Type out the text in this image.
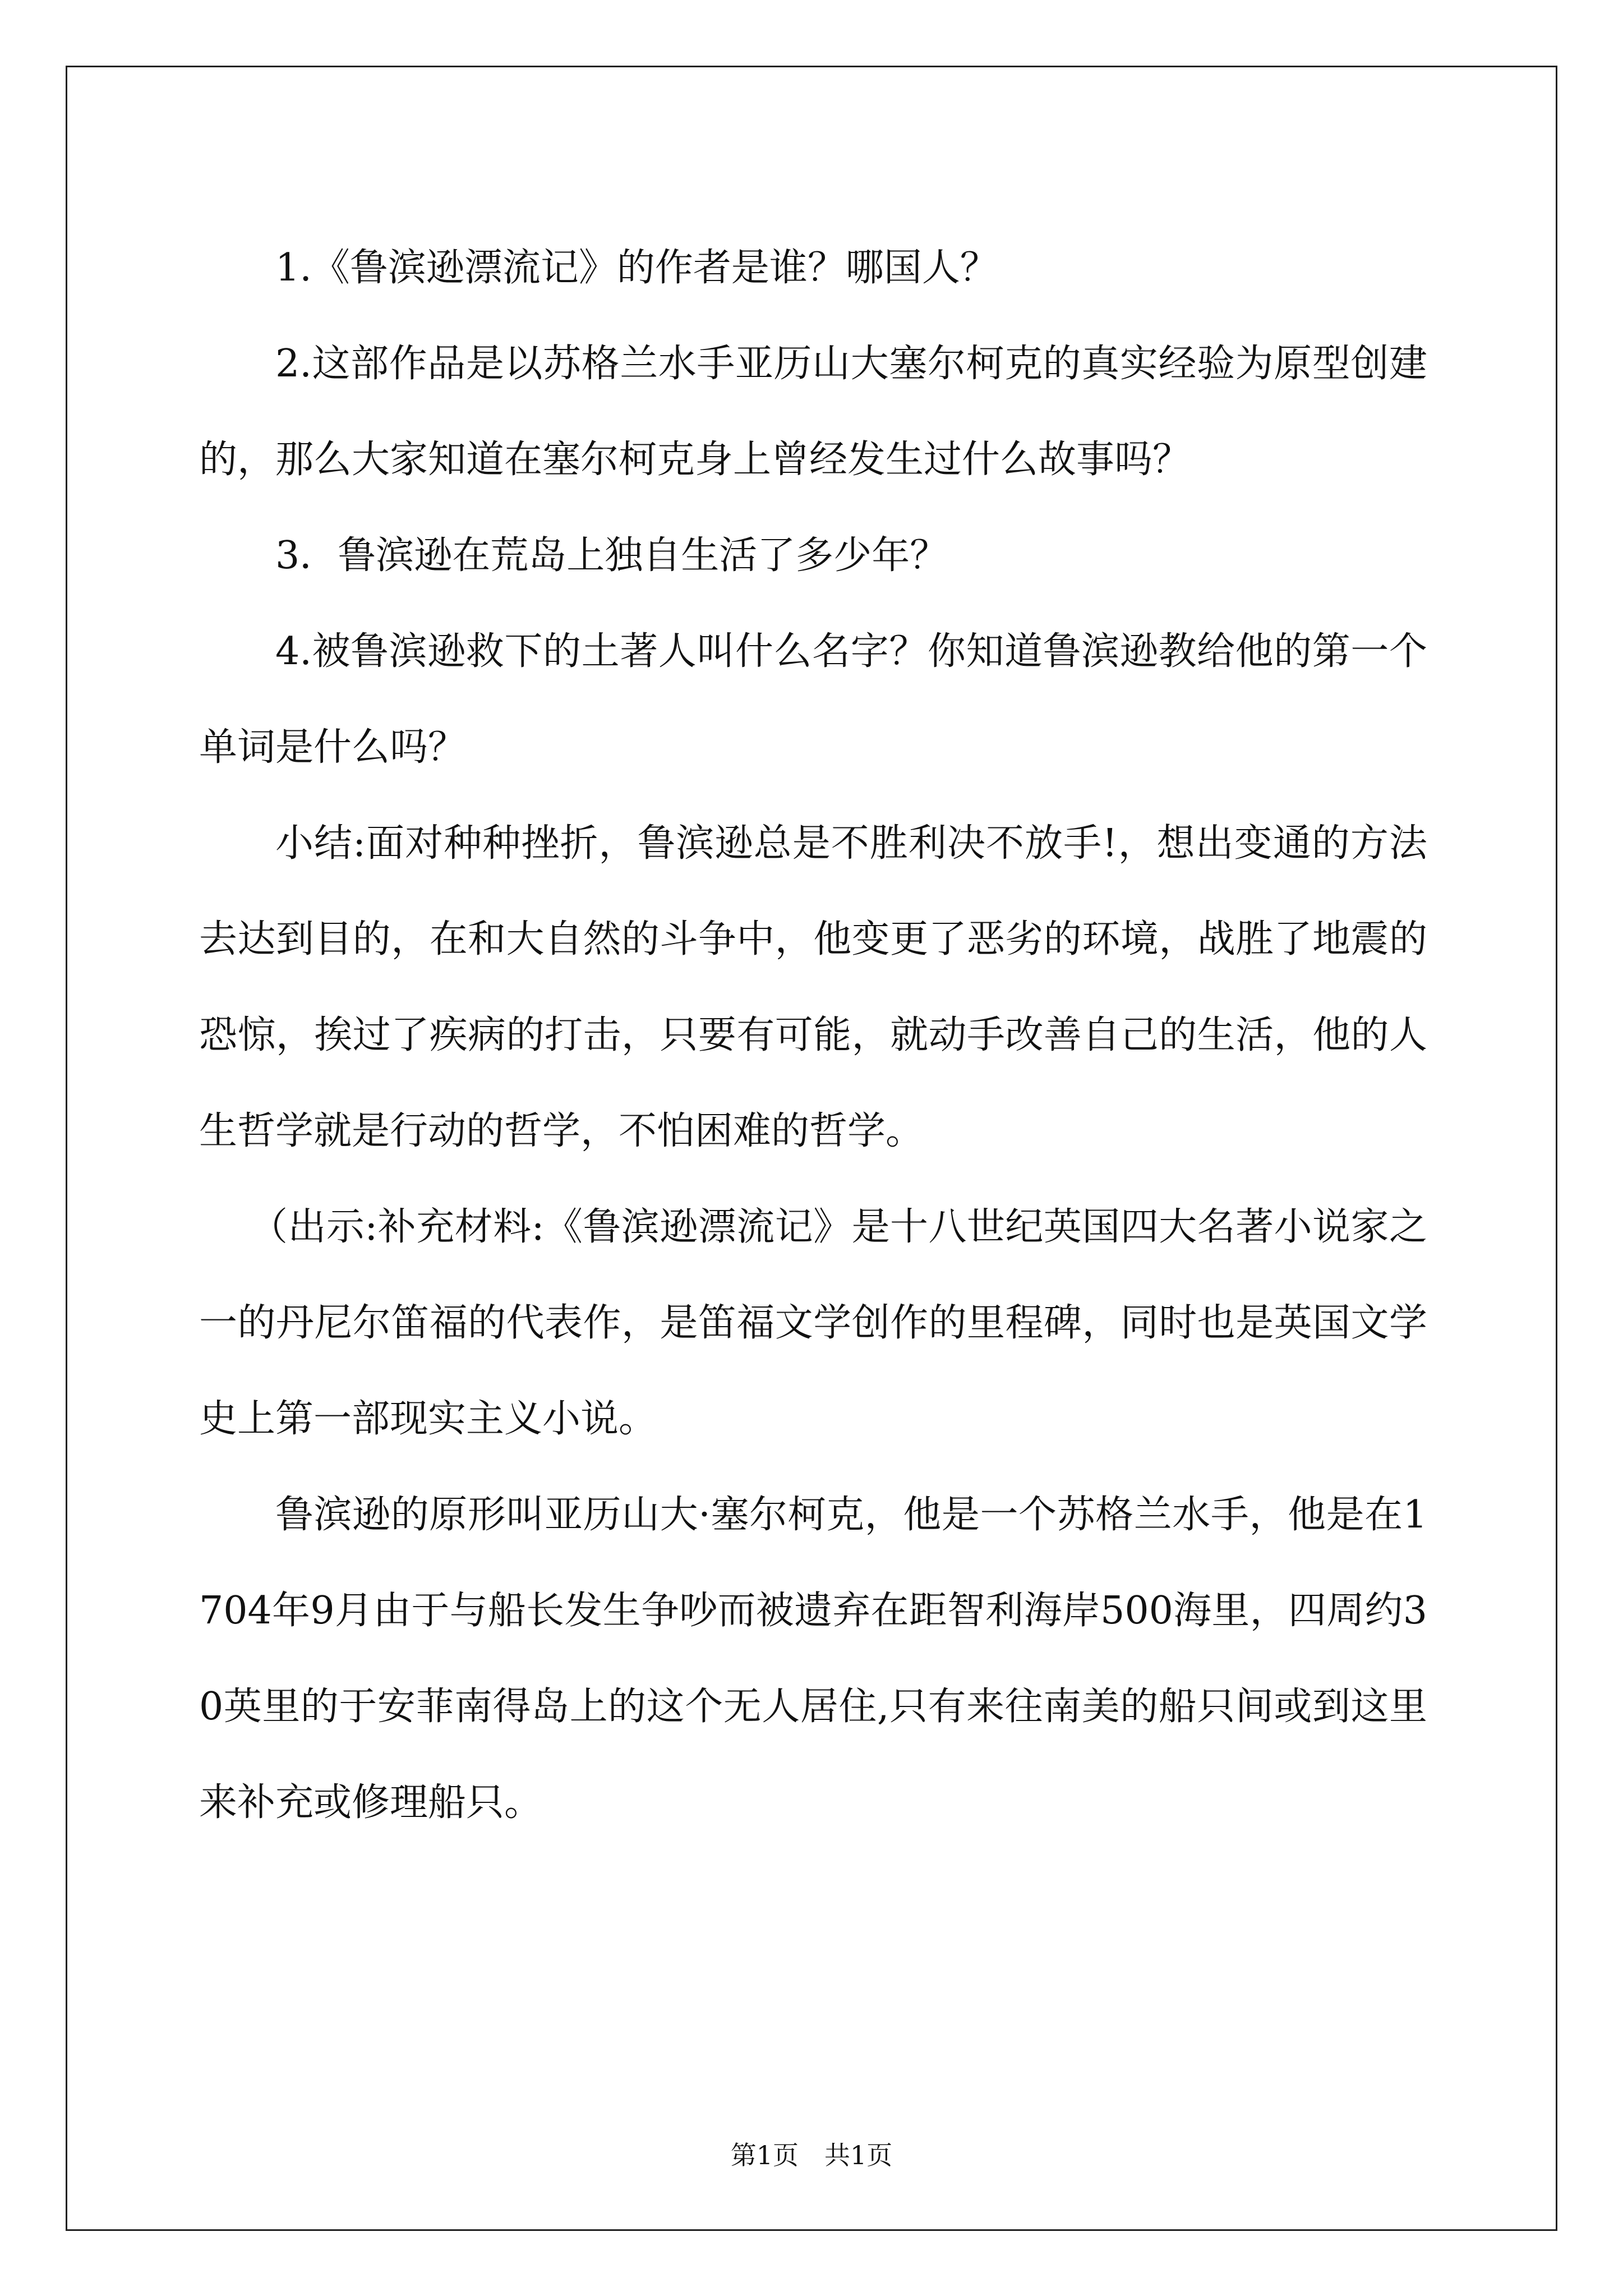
1.《鲁滨逊漂流记》的作者是谁？哪国人？

2.这部作品是以苏格兰水手亚历山大塞尔柯克的真实经验为原型创建的，那么大家知道在塞尔柯克身上曾经发生过什么故事吗？

3．鲁滨逊在荒岛上独自生活了多少年？

4.被鲁滨逊救下的土著人叫什么名字？你知道鲁滨逊教给他的第一个单词是什么吗？

小结:面对种种挫折，鲁滨逊总是不胜利决不放手!，想出变通的方法去达到目的，在和大自然的斗争中，他变更了恶劣的环境，战胜了地震的恐惊，挨过了疾病的打击，只要有可能，就动手改善自己的生活，他的人生哲学就是行动的哲学，不怕困难的哲学。

（出示:补充材料:《鲁滨逊漂流记》是十八世纪英国四大名著小说家之一的丹尼尔笛福的代表作，是笛福文学创作的里程碑，同时也是英国文学史上第一部现实主义小说。

鲁滨逊的原形叫亚历山大·塞尔柯克，他是一个苏格兰水手，他是在1704年9月由于与船长发生争吵而被遗弃在距智利海岸500海里，四周约30英里的于安菲南得岛上的这个无人居住,只有来往南美的船只间或到这里来补充或修理船只。

第1页　共1页
